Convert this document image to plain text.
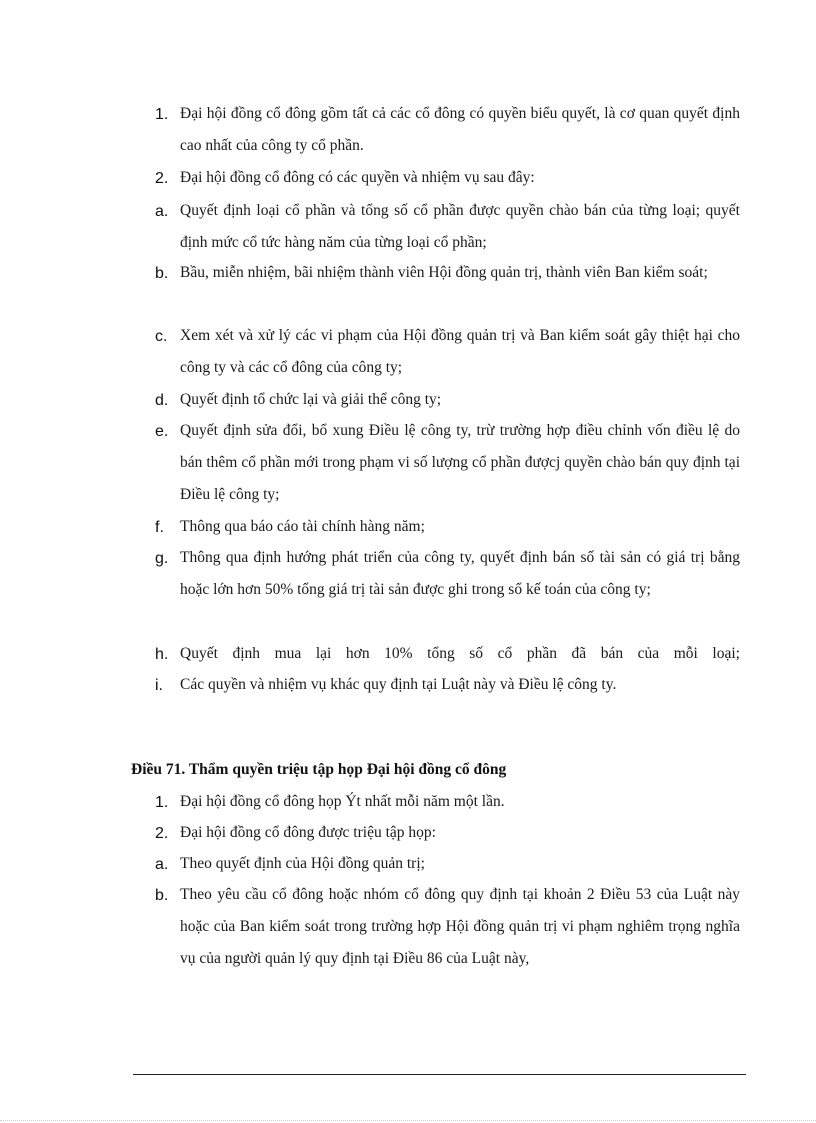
1. Đại hội đồng cổ đông gồm tất cả các cổ đông có quyền biểu quyết, là cơ quan quyết định cao nhất của công ty cổ phần.
2. Đại hội đồng cổ đông có các quyền và nhiệm vụ sau đây:
a. Quyết định loại cổ phần và tổng số cổ phần được quyền chào bán của từng loại; quyết định mức cổ tức hàng năm của từng loại cổ phần;
b. Bầu, miễn nhiệm, bãi nhiệm thành viên Hội đồng quản trị, thành viên Ban kiểm soát;
c. Xem xét và xử lý các vi phạm của Hội đồng quản trị và Ban kiểm soát gây thiệt hại cho công ty và các cổ đông của công ty;
d. Quyết định tổ chức lại và giải thể công ty;
e. Quyết định sửa đổi, bổ xung Điều lệ công ty, trừ trường hợp điều chỉnh vốn điều lệ do bán thêm cổ phần mới trong phạm vi số lượng cổ phần đượcj quyền chào bán quy định tại Điều lệ công ty;
f. Thông qua báo cáo tài chính hàng năm;
g. Thông qua định hướng phát triển của công ty, quyết định bán số tài sản có giá trị bằng hoặc lớn hơn 50% tổng giá trị tài sản được ghi trong sổ kế toán của công ty;
h. Quyết định mua lại hơn 10% tổng số cổ phần đã bán của mỗi loại;
i. Các quyền và nhiệm vụ khác quy định tại Luật này và Điều lệ công ty.
Điều 71. Thẩm quyền triệu tập họp Đại hội đồng cổ đông
1. Đại hội đồng cổ đông họp Ýt nhất mỗi năm một lần.
2. Đại hội đồng cổ đông được triệu tập họp:
a. Theo quyết định của Hội đồng quản trị;
b. Theo yêu cầu cổ đông hoặc nhóm cổ đông quy định tại khoản 2 Điều 53 của Luật này hoặc của Ban kiểm soát trong trường hợp Hội đồng quản trị vi phạm nghiêm trọng nghĩa vụ của người quản lý quy định tại Điều 86 của Luật này,
